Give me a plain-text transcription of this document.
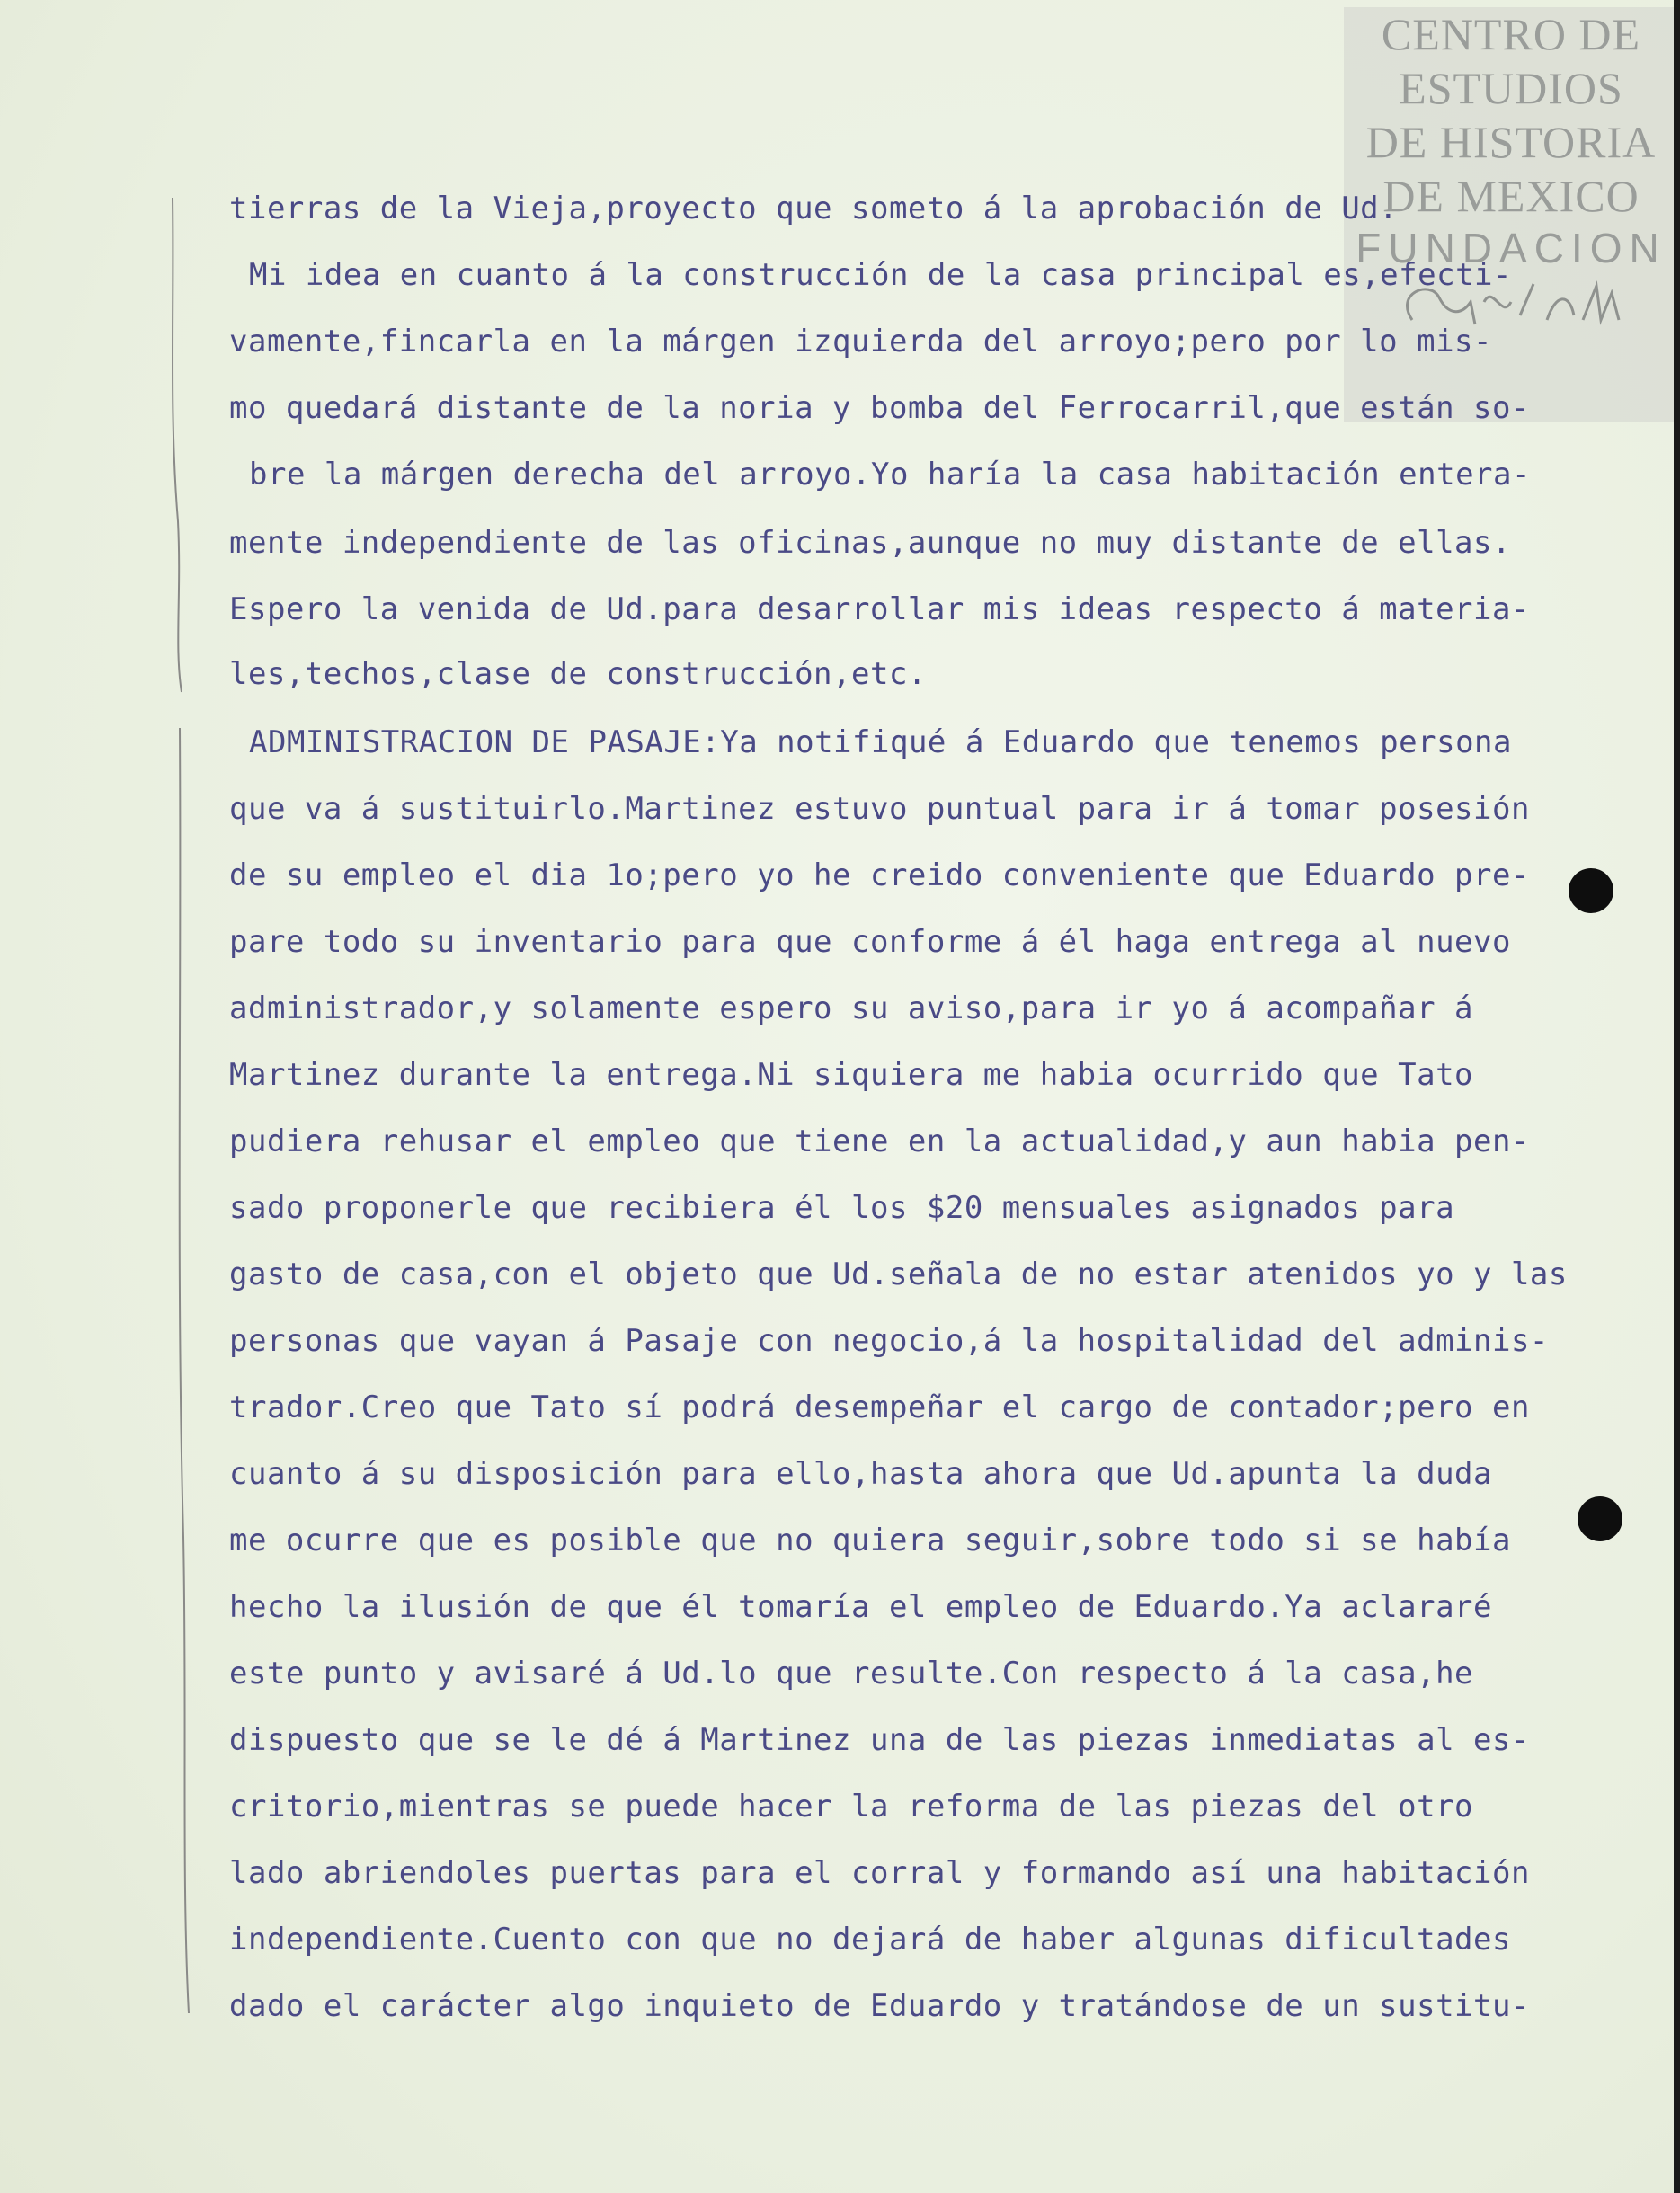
CENTRO DE
ESTUDIOS
DE HISTORIA
DE MEXICO
FUNDACION
tierras de la Vieja,proyecto que someto á la aprobación de Ud.
Mi idea en cuanto á la construcción de la casa principal es,efecti-
vamente,fincarla en la márgen izquierda del arroyo;pero por lo mis-
mo quedará distante de la noria y bomba del Ferrocarril,que están so-
bre la márgen derecha del arroyo.Yo haría la casa habitación entera-
mente independiente de las oficinas,aunque no muy distante de ellas.
Espero la venida de Ud.para desarrollar mis ideas respecto á materia-
les,techos,clase de construcción,etc.
ADMINISTRACION DE PASAJE:Ya notifiqué á Eduardo que tenemos persona
que va á sustituirlo.Martinez estuvo puntual para ir á tomar posesión
de su empleo el dia 1o;pero yo he creido conveniente que Eduardo pre-
pare todo su inventario para que conforme á él haga entrega al nuevo
administrador,y solamente espero su aviso,para ir yo á acompañar á
Martinez durante la entrega.Ni siquiera me habia ocurrido que Tato
pudiera rehusar el empleo que tiene en la actualidad,y aun habia pen-
sado proponerle que recibiera él los $20 mensuales asignados para
gasto de casa,con el objeto que Ud.señala de no estar atenidos yo y las
personas que vayan á Pasaje con negocio,á la hospitalidad del adminis-
trador.Creo que Tato sí podrá desempeñar el cargo de contador;pero en
cuanto á su disposición para ello,hasta ahora que Ud.apunta la duda
me ocurre que es posible que no quiera seguir,sobre todo si se había
hecho la ilusión de que él tomaría el empleo de Eduardo.Ya aclararé
este punto y avisaré á Ud.lo que resulte.Con respecto á la casa,he
dispuesto que se le dé á Martinez una de las piezas inmediatas al es-
critorio,mientras se puede hacer la reforma de las piezas del otro
lado abriendoles puertas para el corral y formando así una habitación
independiente.Cuento con que no dejará de haber algunas dificultades
dado el carácter algo inquieto de Eduardo y tratándose de un sustitu-
